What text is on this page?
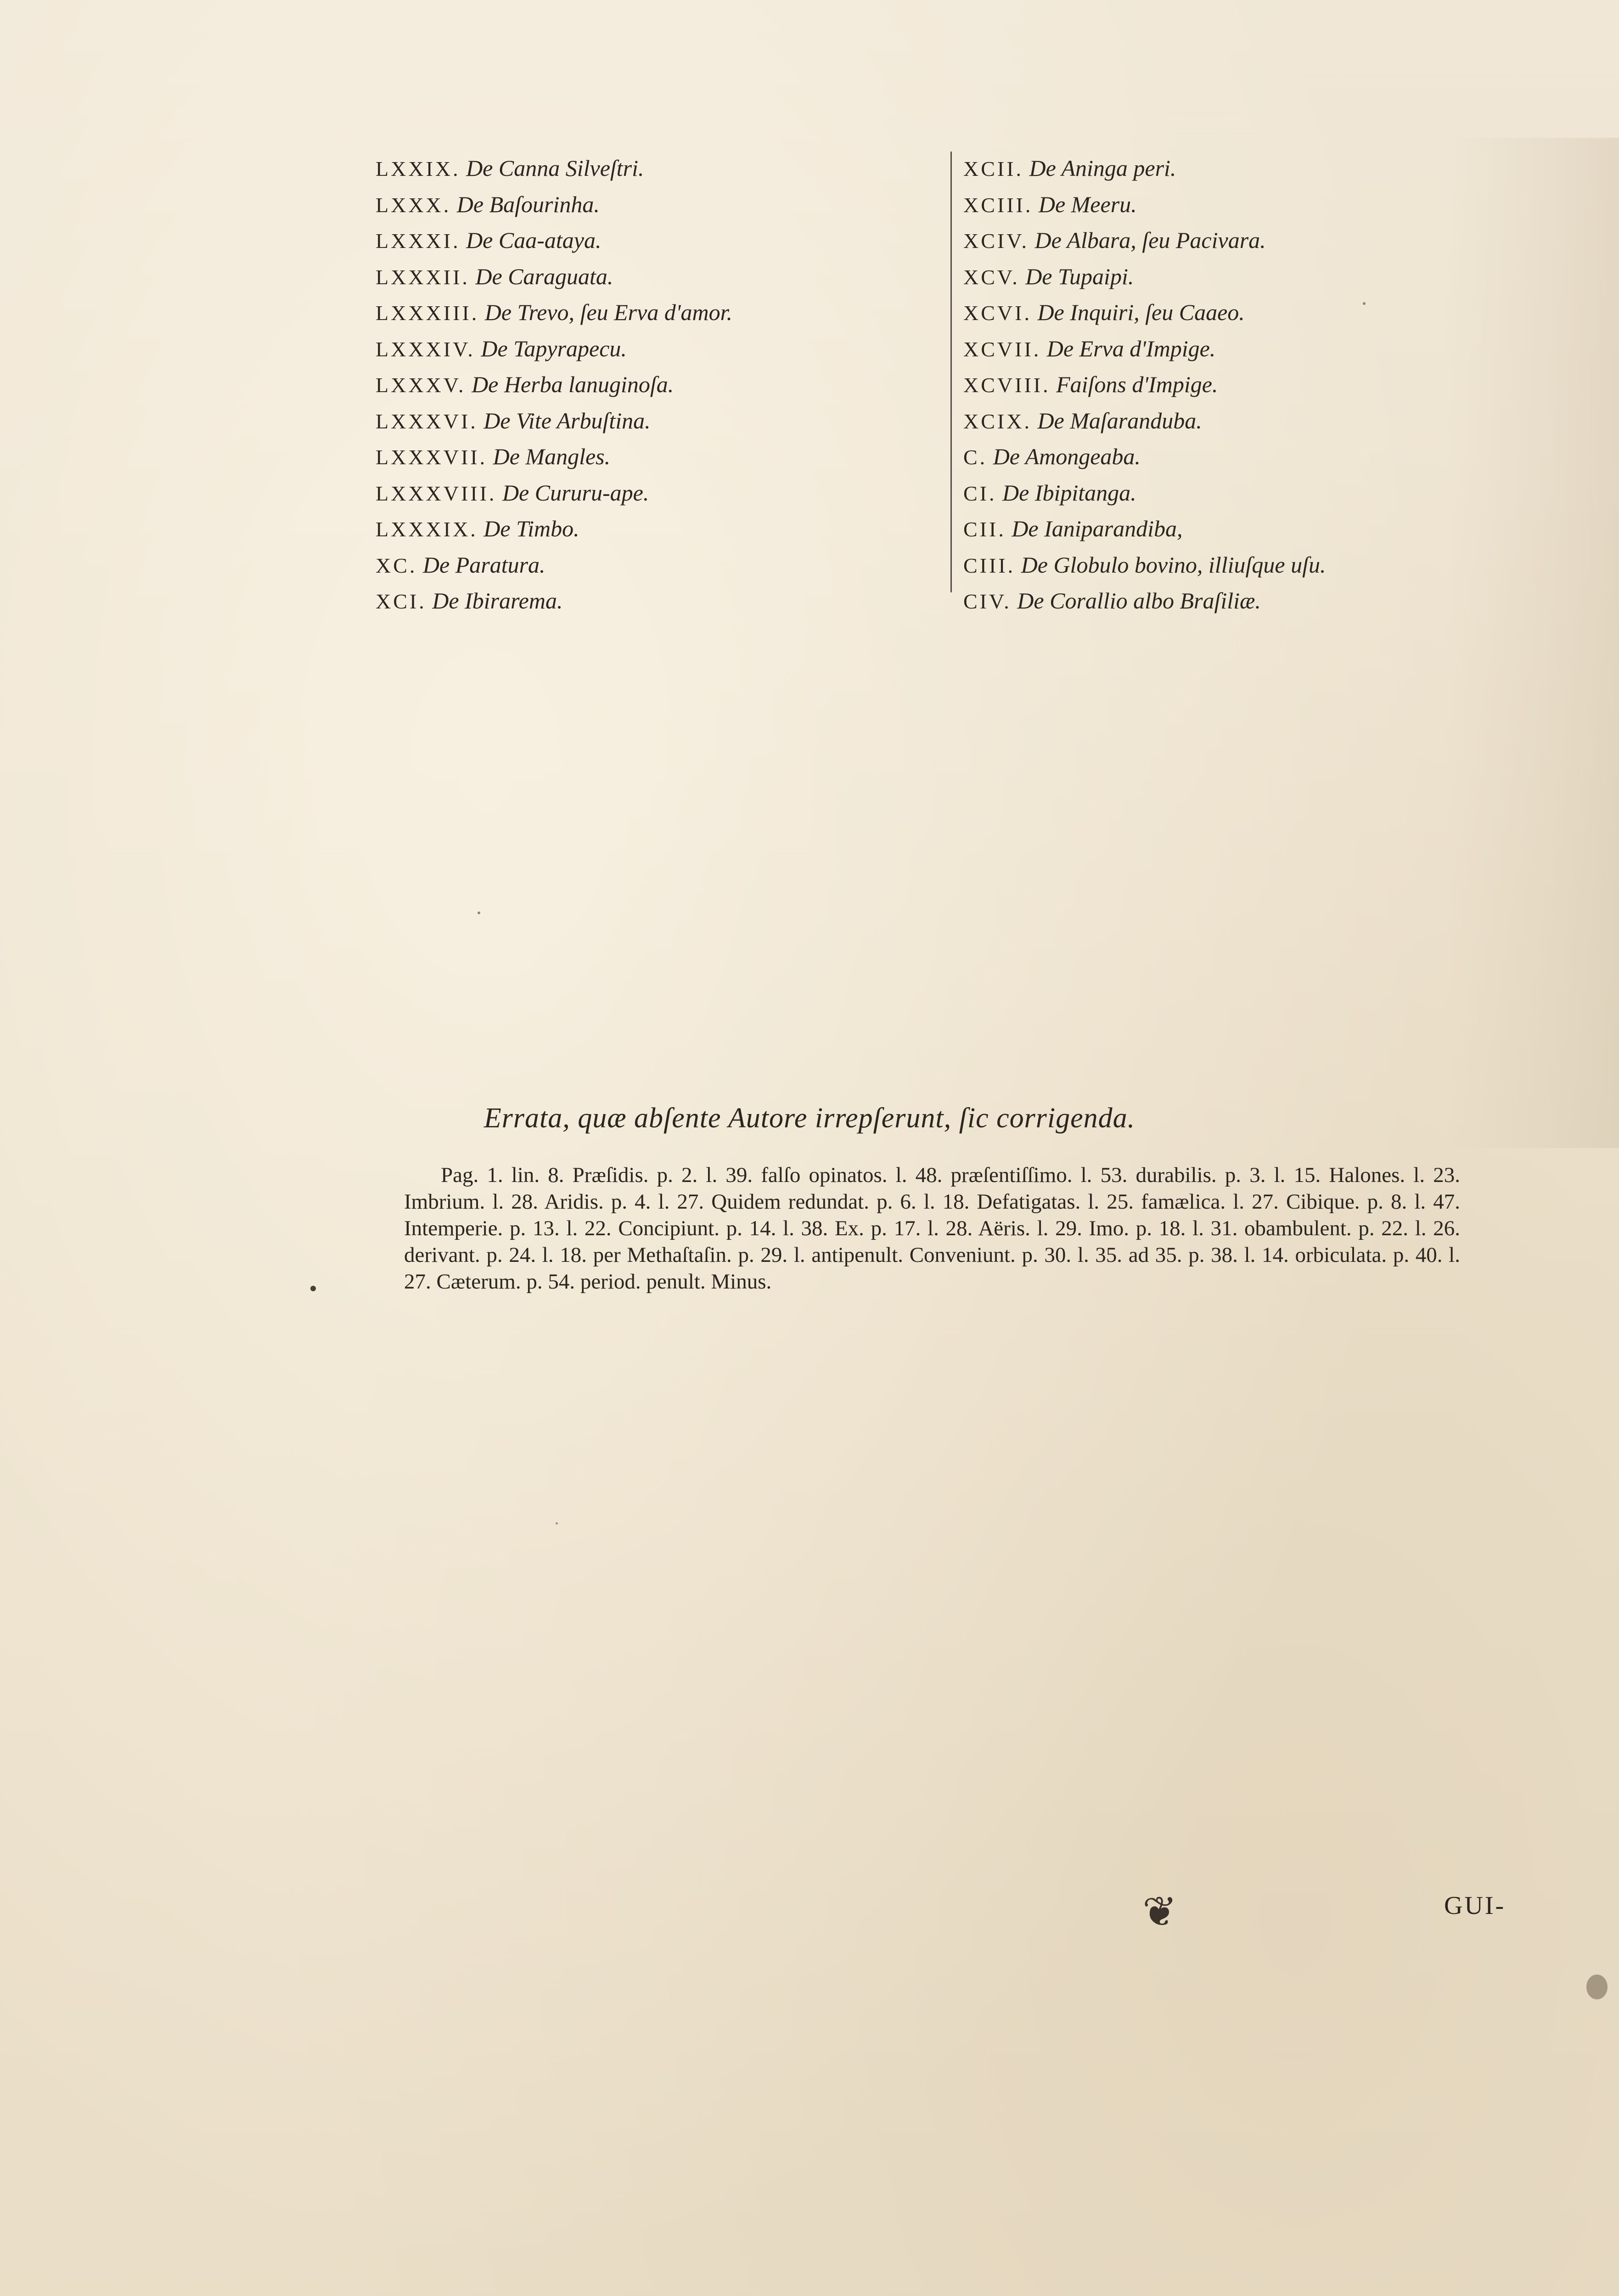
LXXIX. De Canna Silveſtri.
LXXX. De Baſourinha.
LXXXI. De Caa-ataya.
LXXXII. De Caraguata.
LXXXIII. De Trevo, ſeu Erva d'amor.
LXXXIV. De Tapyrapecu.
LXXXV. De Herba lanuginoſa.
LXXXVI. De Vite Arbuſtina.
LXXXVII. De Mangles.
LXXXVIII. De Cururu-ape.
LXXXIX. De Timbo.
XC. De Paratura.
XCI. De Ibirarema.
XCII. De Aninga peri.
XCIII. De Meeru.
XCIV. De Albara, ſeu Pacivara.
XCV. De Tupaipi.
XCVI. De Inquiri, ſeu Caaeo.
XCVII. De Erva d'Impige.
XCVIII. Faiſons d'Impige.
XCIX. De Maſaranduba.
C. De Amongeaba.
CI. De Ibipitanga.
CII. De Ianiparandiba,
CIII. De Globulo bovino, illiuſque uſu.
CIV. De Corallio albo Braſiliæ.
Errata, quæ abſente Autore irrepſerunt, ſic corrigenda.
Pag. 1. lin. 8. Præſidis. p. 2. l. 39. falſo opinatos. l. 48. præſentiſſimo. l. 53. durabilis. p. 3. l. 15. Halones. l. 23. Imbrium. l. 28. Aridis. p. 4. l. 27. Quidem redundat. p. 6. l. 18. Defatigatas. l. 25. famælica. l. 27. Cibique. p. 8. l. 47. Intemperie. p. 13. l. 22. Concipiunt. p. 14. l. 38. Ex. p. 17. l. 28. Aëris. l. 29. Imo. p. 18. l. 31. obambulent. p. 22. l. 26. derivant. p. 24. l. 18. per Methaſtaſin. p. 29. l. antipenult. Conveniunt. p. 30. l. 35. ad 35. p. 38. l. 14. orbiculata. p. 40. l. 27. Cæterum. p. 54. period. penult. Minus.
❦	GUI-
